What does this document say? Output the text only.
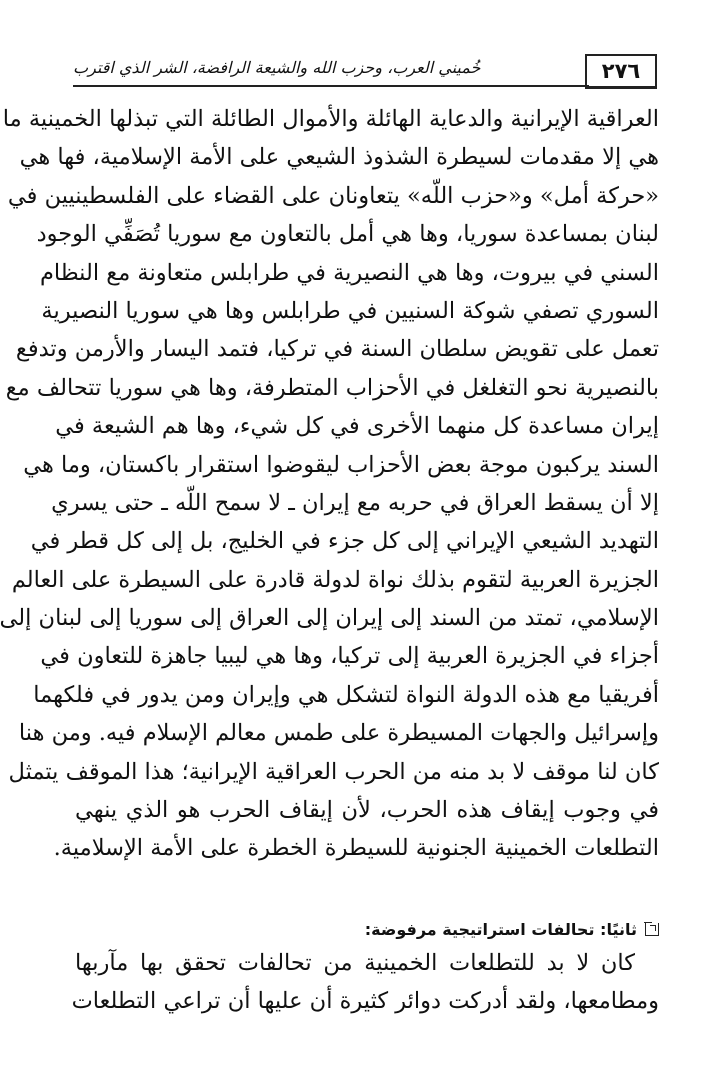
٢٧٦
خُميني العرب، وحزب الله والشيعة الرافضة، الشر الذي اقترب
العراقية الإيرانية والدعاية الهائلة والأموال الطائلة التي تبذلها الخمينية ما
هي إلا مقدمات لسيطرة الشذوذ الشيعي على الأمة الإسلامية، فها هي
«حركة أمل» و«حزب اللّه» يتعاونان على القضاء على الفلسطينيين في
لبنان بمساعدة سوريا، وها هي أمل بالتعاون مع سوريا تُصَفِّي الوجود
السني في بيروت، وها هي النصيرية في طرابلس متعاونة مع النظام
السوري تصفي شوكة السنيين في طرابلس وها هي سوريا النصيرية
تعمل على تقويض سلطان السنة في تركيا، فتمد اليسار والأرمن وتدفع
بالنصيرية نحو التغلغل في الأحزاب المتطرفة، وها هي سوريا تتحالف مع
إيران مساعدة كل منهما الأخرى في كل شيء، وها هم الشيعة في
السند يركبون موجة بعض الأحزاب ليقوضوا استقرار باكستان، وما هي
إلا أن يسقط العراق في حربه مع إيران ـ لا سمح اللّه ـ حتى يسري
التهديد الشيعي الإيراني إلى كل جزء في الخليج، بل إلى كل قطر في
الجزيرة العربية لتقوم بذلك نواة لدولة قادرة على السيطرة على العالم
الإسلامي، تمتد من السند إلى إيران إلى العراق إلى سوريا إلى لبنان إلى
أجزاء في الجزيرة العربية إلى تركيا، وها هي ليبيا جاهزة للتعاون في
أفريقيا مع هذه الدولة النواة لتشكل هي وإيران ومن يدور في فلكهما
وإسرائيل والجهات المسيطرة على طمس معالم الإسلام فيه. ومن هنا
كان لنا موقف لا بد منه من الحرب العراقية الإيرانية؛ هذا الموقف يتمثل
في وجوب إيقاف هذه الحرب، لأن إيقاف الحرب هو الذي ينهي
التطلعات الخمينية الجنونية للسيطرة الخطرة على الأمة الإسلامية.
ثانيًا: تحالفات استراتيجية مرفوضة:
كان لا بد للتطلعات الخمينية من تحالفات تحقق بها مآربها
ومطامعها، ولقد أدركت دوائر كثيرة أن عليها أن تراعي التطلعات
